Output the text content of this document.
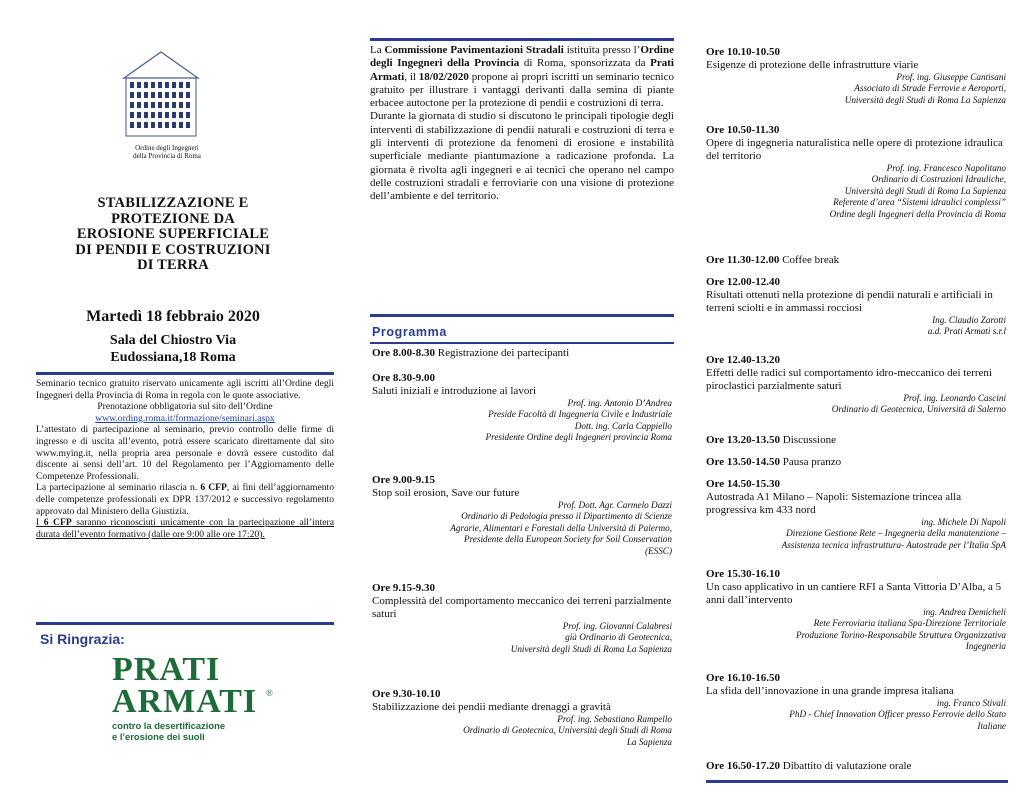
Ordine degli Ingegneri
della Provincia di Roma
STABILIZZAZIONE E
PROTEZIONE DA
EROSIONE SUPERFICIALE
DI PENDII E COSTRUZIONI
DI TERRA
Martedì 18 febbraio 2020
Sala del Chiostro Via
Eudossiana,18 Roma

Seminario tecnico gratuito riservato unicamente agli iscritti all’Ordine degli Ingegneri della Provincia di Roma in regola con le quote associative.

Prenotazione obbligatoria sul sito dell’Ordine

www.ording.roma.it/formazione/seminari.aspx

L’attestato di partecipazione al seminario, previo controllo delle firme di ingresso e di uscita all’evento, potrà essere scaricato direttamente dal sito www.mying.it, nella propria area personale e dovrà essere custodito dal discente ai sensi dell’art. 10 del Regolamento per l’Aggiornamento delle Competenze Professionali.

La partecipazione al seminario rilascia n. 6 CFP, ai fini dell’aggiornamento delle competenze professionali ex DPR 137/2012 e successivo regolamento approvato dal Ministero della Giustizia.

I 6 CFP saranno riconosciuti unicamente con la partecipazione all’intera durata dell’evento formativo (dalle ore 9:00 alle ore 17:20).

Si Ringrazia:
PRATI
ARMATI ®
contro la desertificazione
e l’erosione dei suoli

La Commissione Pavimentazioni Stradali istituita presso l’Ordine degli Ingegneri della Provincia di Roma, sponsorizzata da Prati Armati, il 18/02/2020 propone ai propri iscritti un seminario tecnico gratuito per illustrare i vantaggi derivanti dalla semina di piante erbacee autoctone per la protezione di pendii e costruzioni di terra.

Durante la giornata di studio si discutono le principali tipologie degli interventi di stabilizzazione di pendii naturali e costruzioni di terra e gli interventi di protezione da fenomeni di erosione e instabilità superficiale mediante piantumazione a radicazione profonda. La giornata è rivolta agli ingegneri e ai tecnici che operano nel campo delle costruzioni stradali e ferroviarie con una visione di protezione dell’ambiente e del territorio.

Programma
Ore 8.00-8.30 Registrazione dei partecipanti
Ore 8.30-9.00
Saluti iniziali e introduzione ai lavori
Prof. ing. Antonio D’Andrea
Preside Facoltà di Ingegneria Civile e Industriale
Dott. ing. Carla Cappiello
Presidente Ordine degli Ingegneri provincia Roma
Ore 9.00-9.15
Stop soil erosion, Save our future
Prof. Dott. Agr. Carmelo Dazzi
Ordinario di Pedologia presso il Dipartimento di Scienze
Agrarie, Alimentari e Forestali della Università di Palermo,
Presidente della European Society for Soil Conservation
(ESSC)
Ore 9.15-9.30
Complessità del comportamento meccanico dei terreni parzialmente saturi
Prof. ing. Giovanni Calabresi
già Ordinario di Geotecnica,
Università degli Studi di Roma La Sapienza
Ore 9.30-10.10
Stabilizzazione dei pendii mediante drenaggi a gravità
Prof. ing. Sebastiano Rampello
Ordinario di Geotecnica, Università degli Studi di Roma
La Sapienza
Ore 10.10-10.50
Esigenze di protezione delle infrastrutture viarie
Prof. ing. Giuseppe Cantisani
Associato di Strade Ferrovie e Aeroporti,
Università degli Studi di Roma La Sapienza
Ore 10.50-11.30
Opere di ingegneria naturalistica nelle opere di protezione idraulica del territorio
Prof. ing. Francesco Napolitano
Ordinario di Costruzioni Idrauliche,
Università degli Studi di Roma La Sapienza
Referente d’area “Sistemi idraulici complessi”
Ordine degli Ingegneri della Provincia di Roma
Ore 11.30-12.00 Coffee break
Ore 12.00-12.40
Risultati ottenuti nella protezione di pendii naturali e artificiali in terreni sciolti e in ammassi rocciosi
Ing. Claudio Zarotti
a.d. Prati Armati s.r.l
Ore 12.40-13.20
Effetti delle radici sul comportamento idro-meccanico dei terreni piroclastici parzialmente saturi
Prof. ing. Leonardo Cascini
Ordinario di Geotecnica, Università di Salerno
Ore 13.20-13.50 Discussione
Ore 13.50-14.50 Pausa pranzo
Ore 14.50-15.30
Autostrada A1 Milano – Napoli: Sistemazione trincea alla progressiva km 433 nord
ing. Michele Di Napoli
Direzione Gestione Rete – Ingegneria della manutenzione –
Assistenza tecnica infrastruttura- Autostrade per l’Italia SpA
Ore 15.30-16.10
Un caso applicativo in un cantiere RFI a Santa Vittoria D’Alba, a 5 anni dall’intervento
ing. Andrea Demicheli
Rete Ferroviaria italiana Spa-Direzione Territoriale
Produzione Torino-Responsabile Struttura Organizzativa
Ingegneria
Ore 16.10-16.50
La sfida dell’innovazione in una grande impresa italiana
ing. Franco Stivali
PhD - Chief Innovation Officer presso Ferrovie dello Stato
Italiane
Ore 16.50-17.20 Dibattito di valutazione orale
